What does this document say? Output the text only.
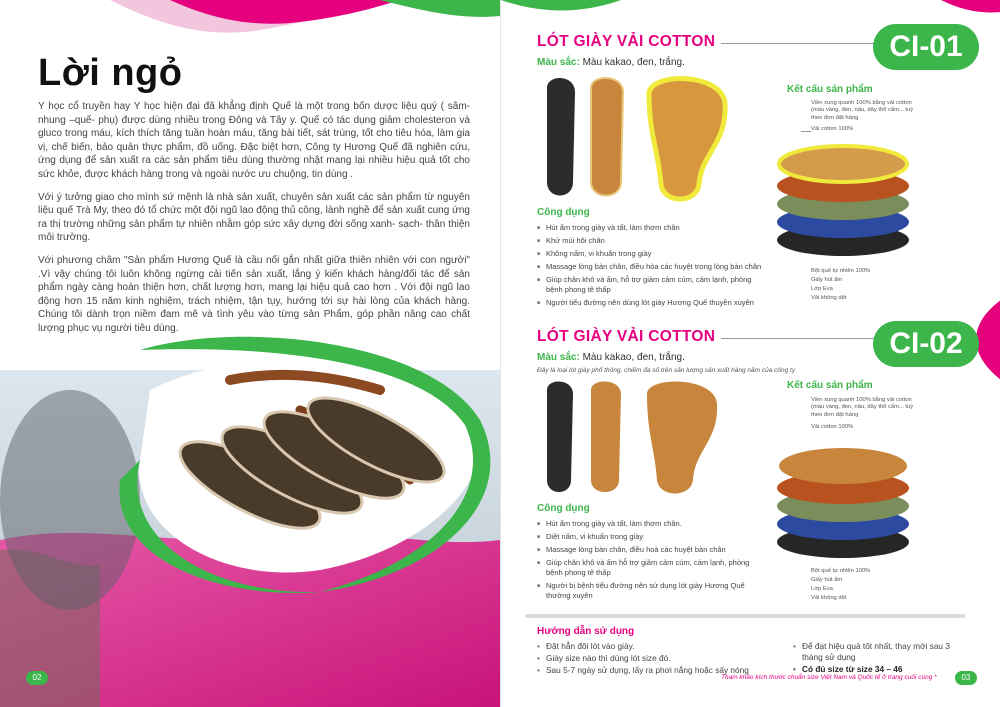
Lời ngỏ

Y học cổ truyền hay Y học hiện đại đã khẳng định Quế là một trong bốn dược liệu quý ( sâm- nhung –quế- phụ) được dùng nhiều trong Đông và Tây y. Quế có tác dụng giảm cholesteron và gluco trong máu, kích thích tăng tuần hoàn máu, tăng bài tiết, sát trùng, tốt cho tiêu hóa, làm gia vị, chế biến, bảo quản thực phẩm, đồ uống. Đặc biệt hơn, Công ty Hương Quế đã nghiên cứu, ứng dụng để sản xuất ra các sản phẩm tiêu dùng thường nhật mang lại nhiều hiệu quả tốt cho sức khỏe, được khách hàng trong và ngoài nước ưu chuộng, tin dùng .

Với ý tưởng giao cho mình sứ mệnh là nhà sản xuất, chuyên sản xuất các sản phẩm từ nguyên liệu quế Trà My, theo đó tổ chức một đội ngũ lao động thủ công, lành nghề để sản xuất cung ứng ra thị trường những sản phẩm tự nhiên nhằm góp sức xây dựng đời sống xanh- sạch- thân thiện môi trường.

Với phương châm "Sản phẩm Hương Quế là cầu nối gắn nhất giữa thiên nhiên với con người" .Vì vậy chúng tôi luôn không ngừng cải tiến sản xuất, lắng ý kiến khách hàng/đối tác để sản phẩm ngày càng hoàn thiện hơn, chất lượng hơn, mang lại hiệu quả cao hơn . Với đội ngũ lao động hơn 15 năm kinh nghiệm, trách nhiệm, tận tụy, hướng tới sự hài lòng của khách hàng. Chúng tôi dành trọn niềm đam mê và tình yêu vào từng sản Phẩm, góp phần nâng cao chất lượng phục vụ người tiêu dùng.

02
LÓT GIÀY VẢI COTTON	CI-01
Màu sắc: Màu kakao, đen, trắng.
Công dụng
■ Hút ẩm trong giày và tất, làm thơm chân
■ Khử mùi hôi chân
■ Không nấm, vi khuẩn trong giày
■ Massage lòng bàn chân, điều hòa các huyệt trong lòng bàn chân
■ Giúp chân khô và ấm, hỗ trợ giảm cảm cúm, cảm lạnh, phòng bệnh phong tê thấp
■ Người tiểu đường nên dùng lót giày Hương Quế thuyền xuyên
Kết cấu sản phẩm
Viền xung quanh 100% bằng vải cotton (màu vàng, đen, nâu, dây thổ cẩm... tuỳ theo đơn đặt hàng
Vải cotton 100%
Bột quế tự nhiên 100%
Giấy hút ẩm
Lớp Eva
Vải không dệt
LÓT GIÀY VẢI COTTON	CI-02
Màu sắc: Màu kakao, đen, trắng.
Đây là loại lót giày phổ thông, chiếm đa số trên sản lượng sản xuất hàng năm của công ty
Công dụng
■ Hút ẩm trong giày và tất, làm thơm chân.
■ Diệt nấm, vi khuẩn trong giày
■ Massage lòng bàn chân, điều hoà các huyệt bàn chân
■ Giúp chân khô và ấm hỗ trợ giảm cảm cúm, cảm lạnh, phòng bệnh phong tê thấp
■ Người bị bệnh tiểu đường nên sử dụng lót giày Hương Quế thường xuyên
Kết cấu sản phẩm
Viền xung quanh 100% bằng vải cotton (màu vàng, đen, nâu, dây thổ cẩm... tuỳ theo đơn đặt hàng
Vải cotton 100%
Bột quế tự nhiên 100%
Giấy hút ẩm
Lớp Eva
Vải không dệt
Hướng dẫn sử dụng
• Đặt hẳn đôi lót vào giày.
• Giày size nào thì dùng lót size đó.
• Sau 5-7 ngày sử dụng, lấy ra phơi nắng hoặc sấy nóng
• Để đạt hiệu quả tốt nhất, thay mới sau 3 tháng sử dụng
• Có đủ size từ size 34 – 46
Tham khảo kích thước chuẩn size Việt Nam và Quốc tế ở trang cuối cùng *	03
